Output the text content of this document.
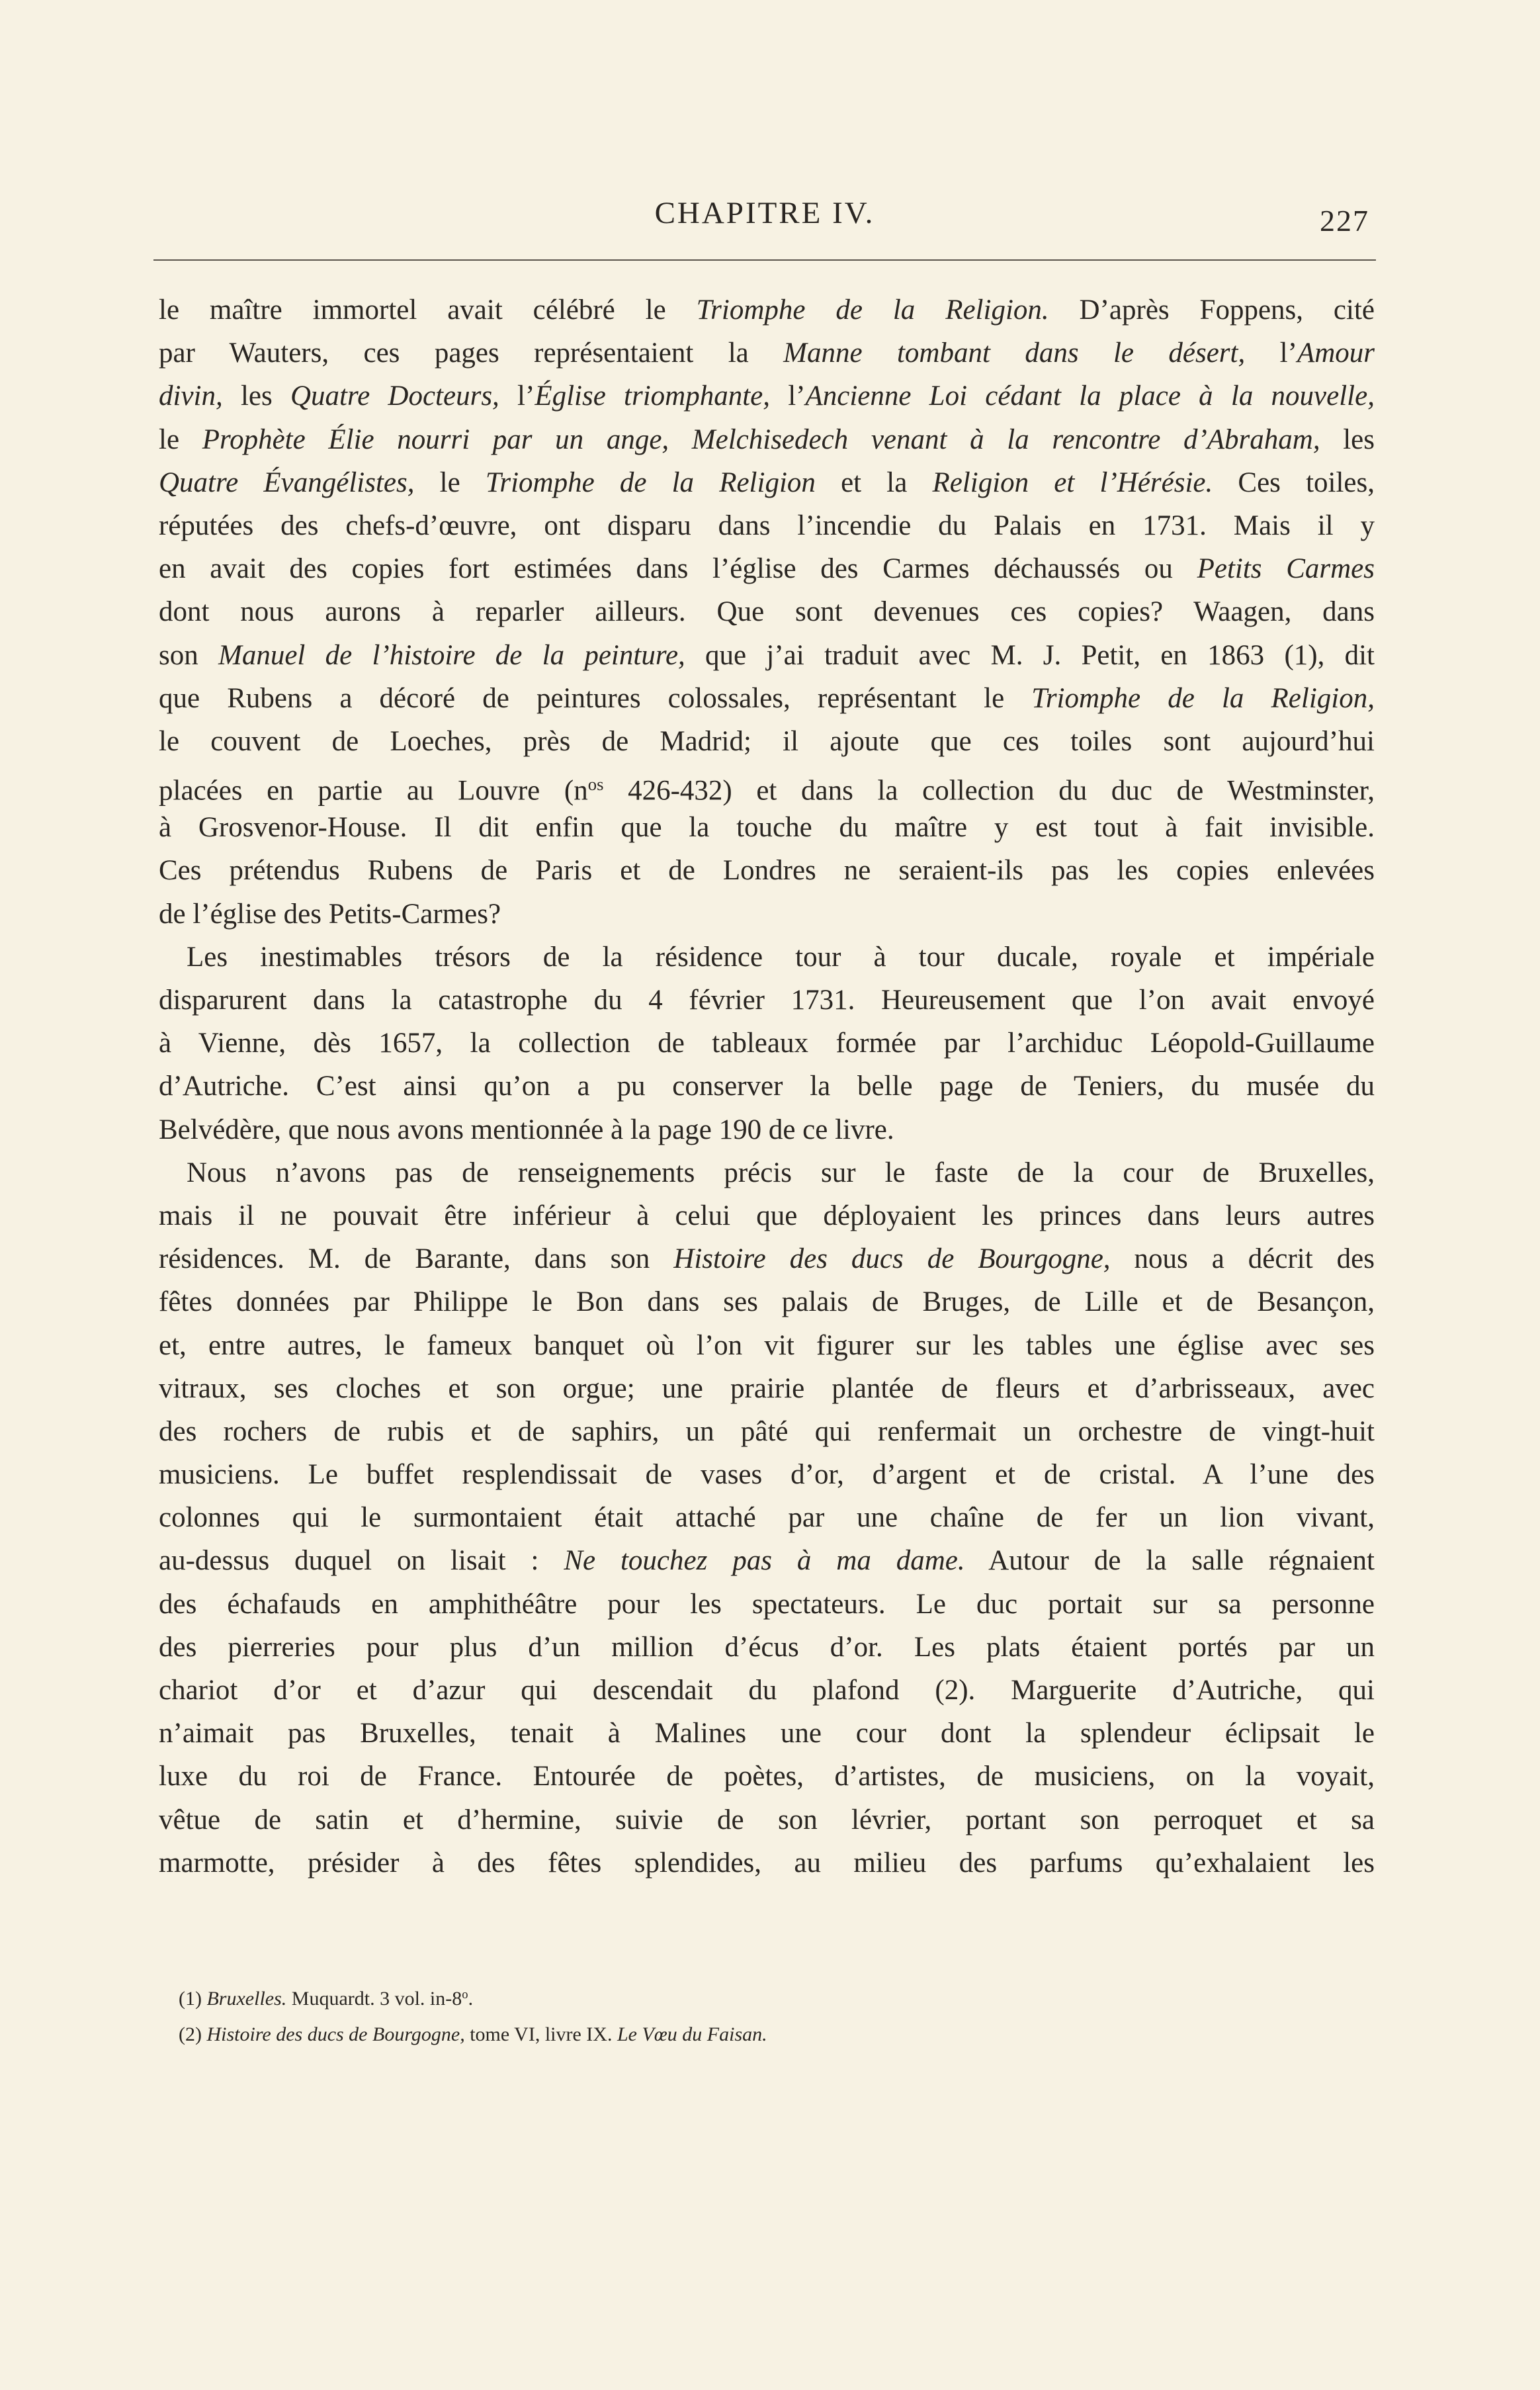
CHAPITRE IV.	227
le maître immortel avait célébré le Triomphe de la Religion. D’après Foppens, cité
par Wauters, ces pages représentaient la Manne tombant dans le désert, l’Amour
divin, les Quatre Docteurs, l’Église triomphante, l’Ancienne Loi cédant la place à la nouvelle,
le Prophète Élie nourri par un ange, Melchisedech venant à la rencontre d’Abraham, les
Quatre Évangélistes, le Triomphe de la Religion et la Religion et l’Hérésie. Ces toiles,
réputées des chefs-d’œuvre, ont disparu dans l’incendie du Palais en 1731. Mais il y
en avait des copies fort estimées dans l’église des Carmes déchaussés ou Petits Carmes
dont nous aurons à reparler ailleurs. Que sont devenues ces copies? Waagen, dans
son Manuel de l’histoire de la peinture, que j’ai traduit avec M. J. Petit, en 1863 (1), dit
que Rubens a décoré de peintures colossales, représentant le Triomphe de la Religion,
le couvent de Loeches, près de Madrid; il ajoute que ces toiles sont aujourd’hui
placées en partie au Louvre ($n^{os}$ 426-432) et dans la collection du duc de Westminster,
à Grosvenor-House. Il dit enfin que la touche du maître y est tout à fait invisible.
Ces prétendus Rubens de Paris et de Londres ne seraient-ils pas les copies enlevées
de l’église des Petits-Carmes?
Les inestimables trésors de la résidence tour à tour ducale, royale et impériale
disparurent dans la catastrophe du 4 février 1731. Heureusement que l’on avait envoyé
à Vienne, dès 1657, la collection de tableaux formée par l’archiduc Léopold-Guillaume
d’Autriche. C’est ainsi qu’on a pu conserver la belle page de Teniers, du musée du
Belvédère, que nous avons mentionnée à la page 190 de ce livre.
Nous n’avons pas de renseignements précis sur le faste de la cour de Bruxelles,
mais il ne pouvait être inférieur à celui que déployaient les princes dans leurs autres
résidences. M. de Barante, dans son Histoire des ducs de Bourgogne, nous a décrit des
fêtes données par Philippe le Bon dans ses palais de Bruges, de Lille et de Besançon,
et, entre autres, le fameux banquet où l’on vit figurer sur les tables une église avec ses
vitraux, ses cloches et son orgue; une prairie plantée de fleurs et d’arbrisseaux, avec
des rochers de rubis et de saphirs, un pâté qui renfermait un orchestre de vingt-huit
musiciens. Le buffet resplendissait de vases d’or, d’argent et de cristal. A l’une des
colonnes qui le surmontaient était attaché par une chaîne de fer un lion vivant,
au-dessus duquel on lisait : Ne touchez pas à ma dame. Autour de la salle régnaient
des échafauds en amphithéâtre pour les spectateurs. Le duc portait sur sa personne
des pierreries pour plus d’un million d’écus d’or. Les plats étaient portés par un
chariot d’or et d’azur qui descendait du plafond (2). Marguerite d’Autriche, qui
n’aimait pas Bruxelles, tenait à Malines une cour dont la splendeur éclipsait le
luxe du roi de France. Entourée de poètes, d’artistes, de musiciens, on la voyait,
vêtue de satin et d’hermine, suivie de son lévrier, portant son perroquet et sa
marmotte, présider à des fêtes splendides, au milieu des parfums qu’exhalaient les
(1) Bruxelles. Muquardt. 3 vol. in-8$^o$.
(2) Histoire des ducs de Bourgogne, tome VI, livre IX. Le Vœu du Faisan.
